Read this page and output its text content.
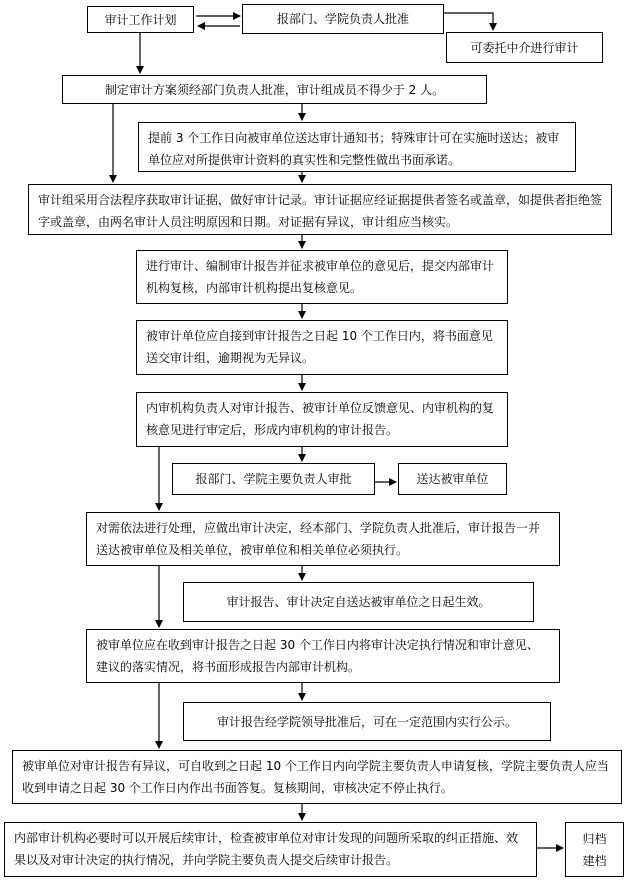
审计工作计划	报部门、学院负责人批准
可委托中介进行审计
制定审计方案须经部门负责人批准，审计组成员不得少于 2 人。
提前 3 个工作日向被审单位送达审计通知书；特殊审计可在实施时送达；被审单位应对所提供审计资料的真实性和完整性做出书面承诺。
审计组采用合法程序获取审计证据，做好审计记录。审计证据应经证据提供者签名或盖章，如提供者拒绝签字或盖章，由两名审计人员注明原因和日期。对证据有异议，审计组应当核实。
进行审计、编制审计报告并征求被审单位的意见后，提交内部审计机构复核，内部审计机构提出复核意见。
被审计单位应自接到审计报告之日起 10 个工作日内，将书面意见送交审计组，逾期视为无异议。
内审机构负责人对审计报告、被审计单位反馈意见、内审机构的复核意见进行审定后，形成内审机构的审计报告。
报部门、学院主要负责人审批	送达被审单位
对需依法进行处理，应做出审计决定，经本部门、学院负责人批准后，审计报告一并送达被审单位及相关单位，被审单位和相关单位必须执行。
审计报告、审计决定自送达被审单位之日起生效。
被审单位应在收到审计报告之日起 30 个工作日内将审计决定执行情况和审计意见、建议的落实情况，将书面形成报告内部审计机构。
审计报告经学院领导批准后，可在一定范围内实行公示。
被审单位对审计报告有异议，可自收到之日起 10 个工作日内向学院主要负责人申请复核，学院主要负责人应当收到申请之日起 30 个工作日内作出书面答复。复核期间，审核决定不停止执行。
内部审计机构必要时可以开展后续审计，检查被审单位对审计发现的问题所采取的纠正措施、效果以及对审计决定的执行情况，并向学院主要负责人提交后续审计报告。
归档建档
